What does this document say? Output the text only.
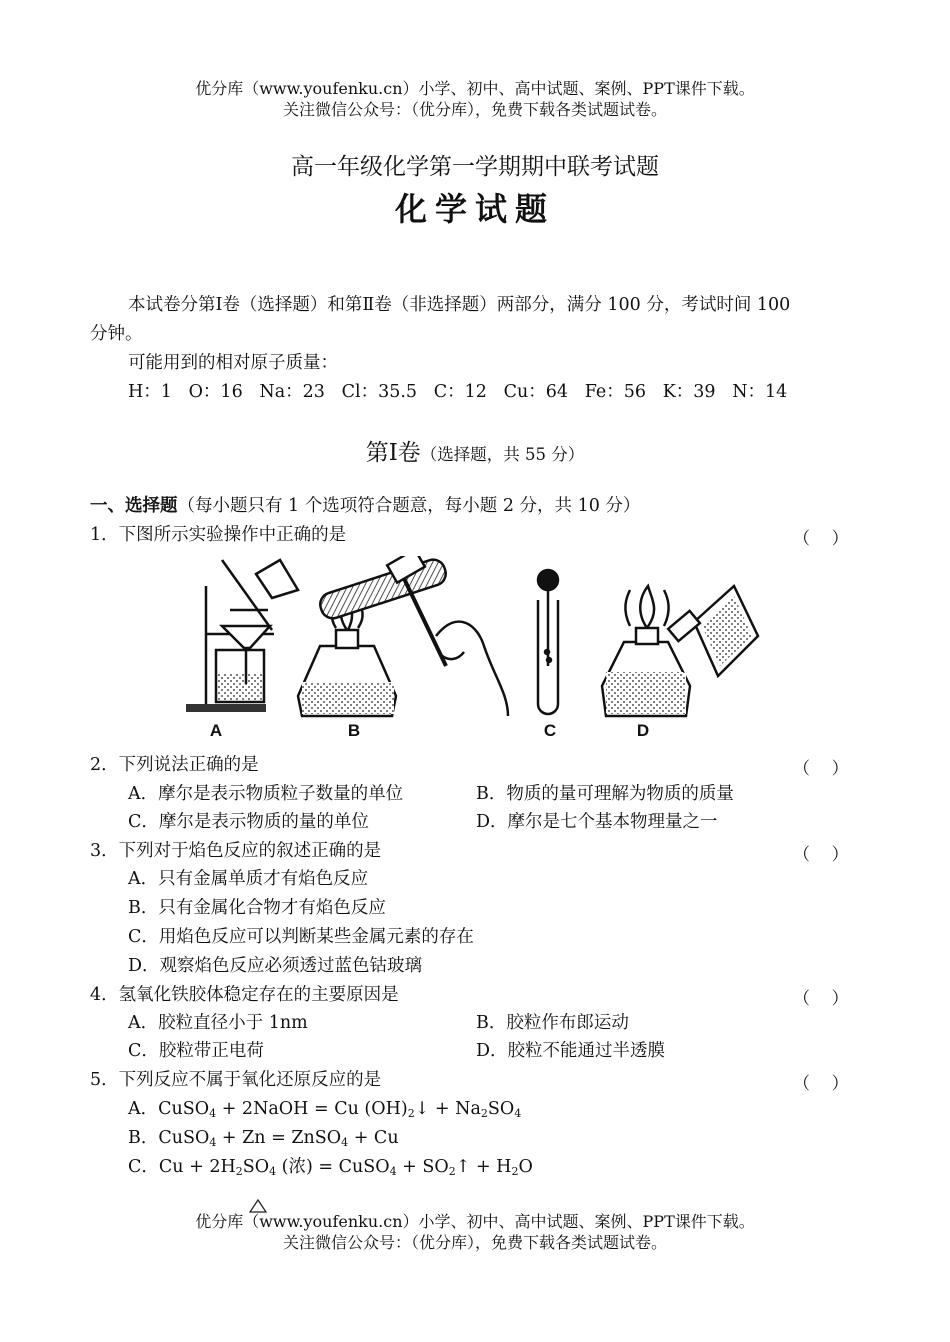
优分库（www.youfenku.cn）小学、初中、高中试题、案例、PPT课件下载。
关注微信公众号：（优分库），免费下载各类试题试卷。
高一年级化学第一学期期中联考试题
化学试题
本试卷分第Ⅰ卷（选择题）和第Ⅱ卷（非选择题）两部分，满分 100 分，考试时间 100
分钟。
可能用到的相对原子质量：
H：1   O：16   Na：23   Cl：35.5   C：12   Cu：64   Fe：56   K：39   N：14
第Ⅰ卷（选择题，共 55 分）
一、选择题（每小题只有 1 个选项符合题意，每小题 2 分，共 10 分）
1．下图所示实验操作中正确的是	（    ）
A	B	C	D
2．下列说法正确的是	（    ）
A．摩尔是表示物质粒子数量的单位	B．物质的量可理解为物质的质量
C．摩尔是表示物质的量的单位	D．摩尔是七个基本物理量之一
3．下列对于焰色反应的叙述正确的是	（    ）
A．只有金属单质才有焰色反应
B．只有金属化合物才有焰色反应
C．用焰色反应可以判断某些金属元素的存在
D．观察焰色反应必须透过蓝色钴玻璃
4．氢氧化铁胶体稳定存在的主要原因是	（    ）
A．胶粒直径小于 1nm	B．胶粒作布郎运动
C．胶粒带正电荷	D．胶粒不能通过半透膜
5．下列反应不属于氧化还原反应的是	（    ）
A．CuSO$_4$ + 2NaOH = Cu $(OH)_2↓ + Na_2SO_4$
B．CuSO$_4$ + Zn = ZnSO$_4$ + Cu
C．$Cu + 2H_2SO_4$ (浓) = CuSO$_4$ + $SO_2↑ + H_2O$
优分库（www.youfenku.cn）小学、初中、高中试题、案例、PPT课件下载。
关注微信公众号：（优分库），免费下载各类试题试卷。
